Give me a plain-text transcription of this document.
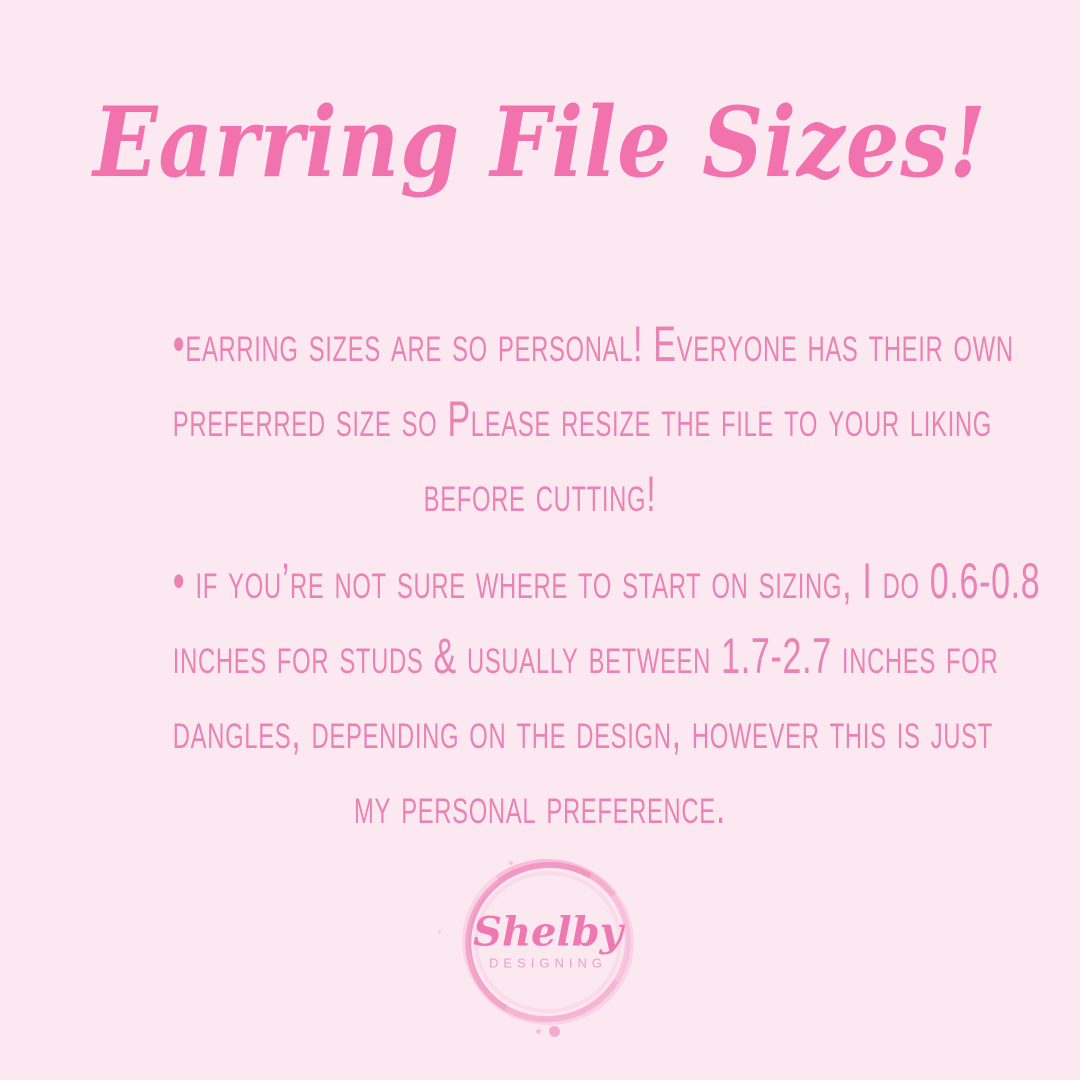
Earring File Sizes!
•earring sizes are so personal! Everyone has their own
preferred size so Please resize the file to your liking
before cutting!
• if you’re not sure where to start on sizing, I do 0.6-0.8
inches for studs & usually between 1.7-2.7 inches for
dangles, depending on the design, however this is just
my personal preference.
Shelby
DESIGNING
